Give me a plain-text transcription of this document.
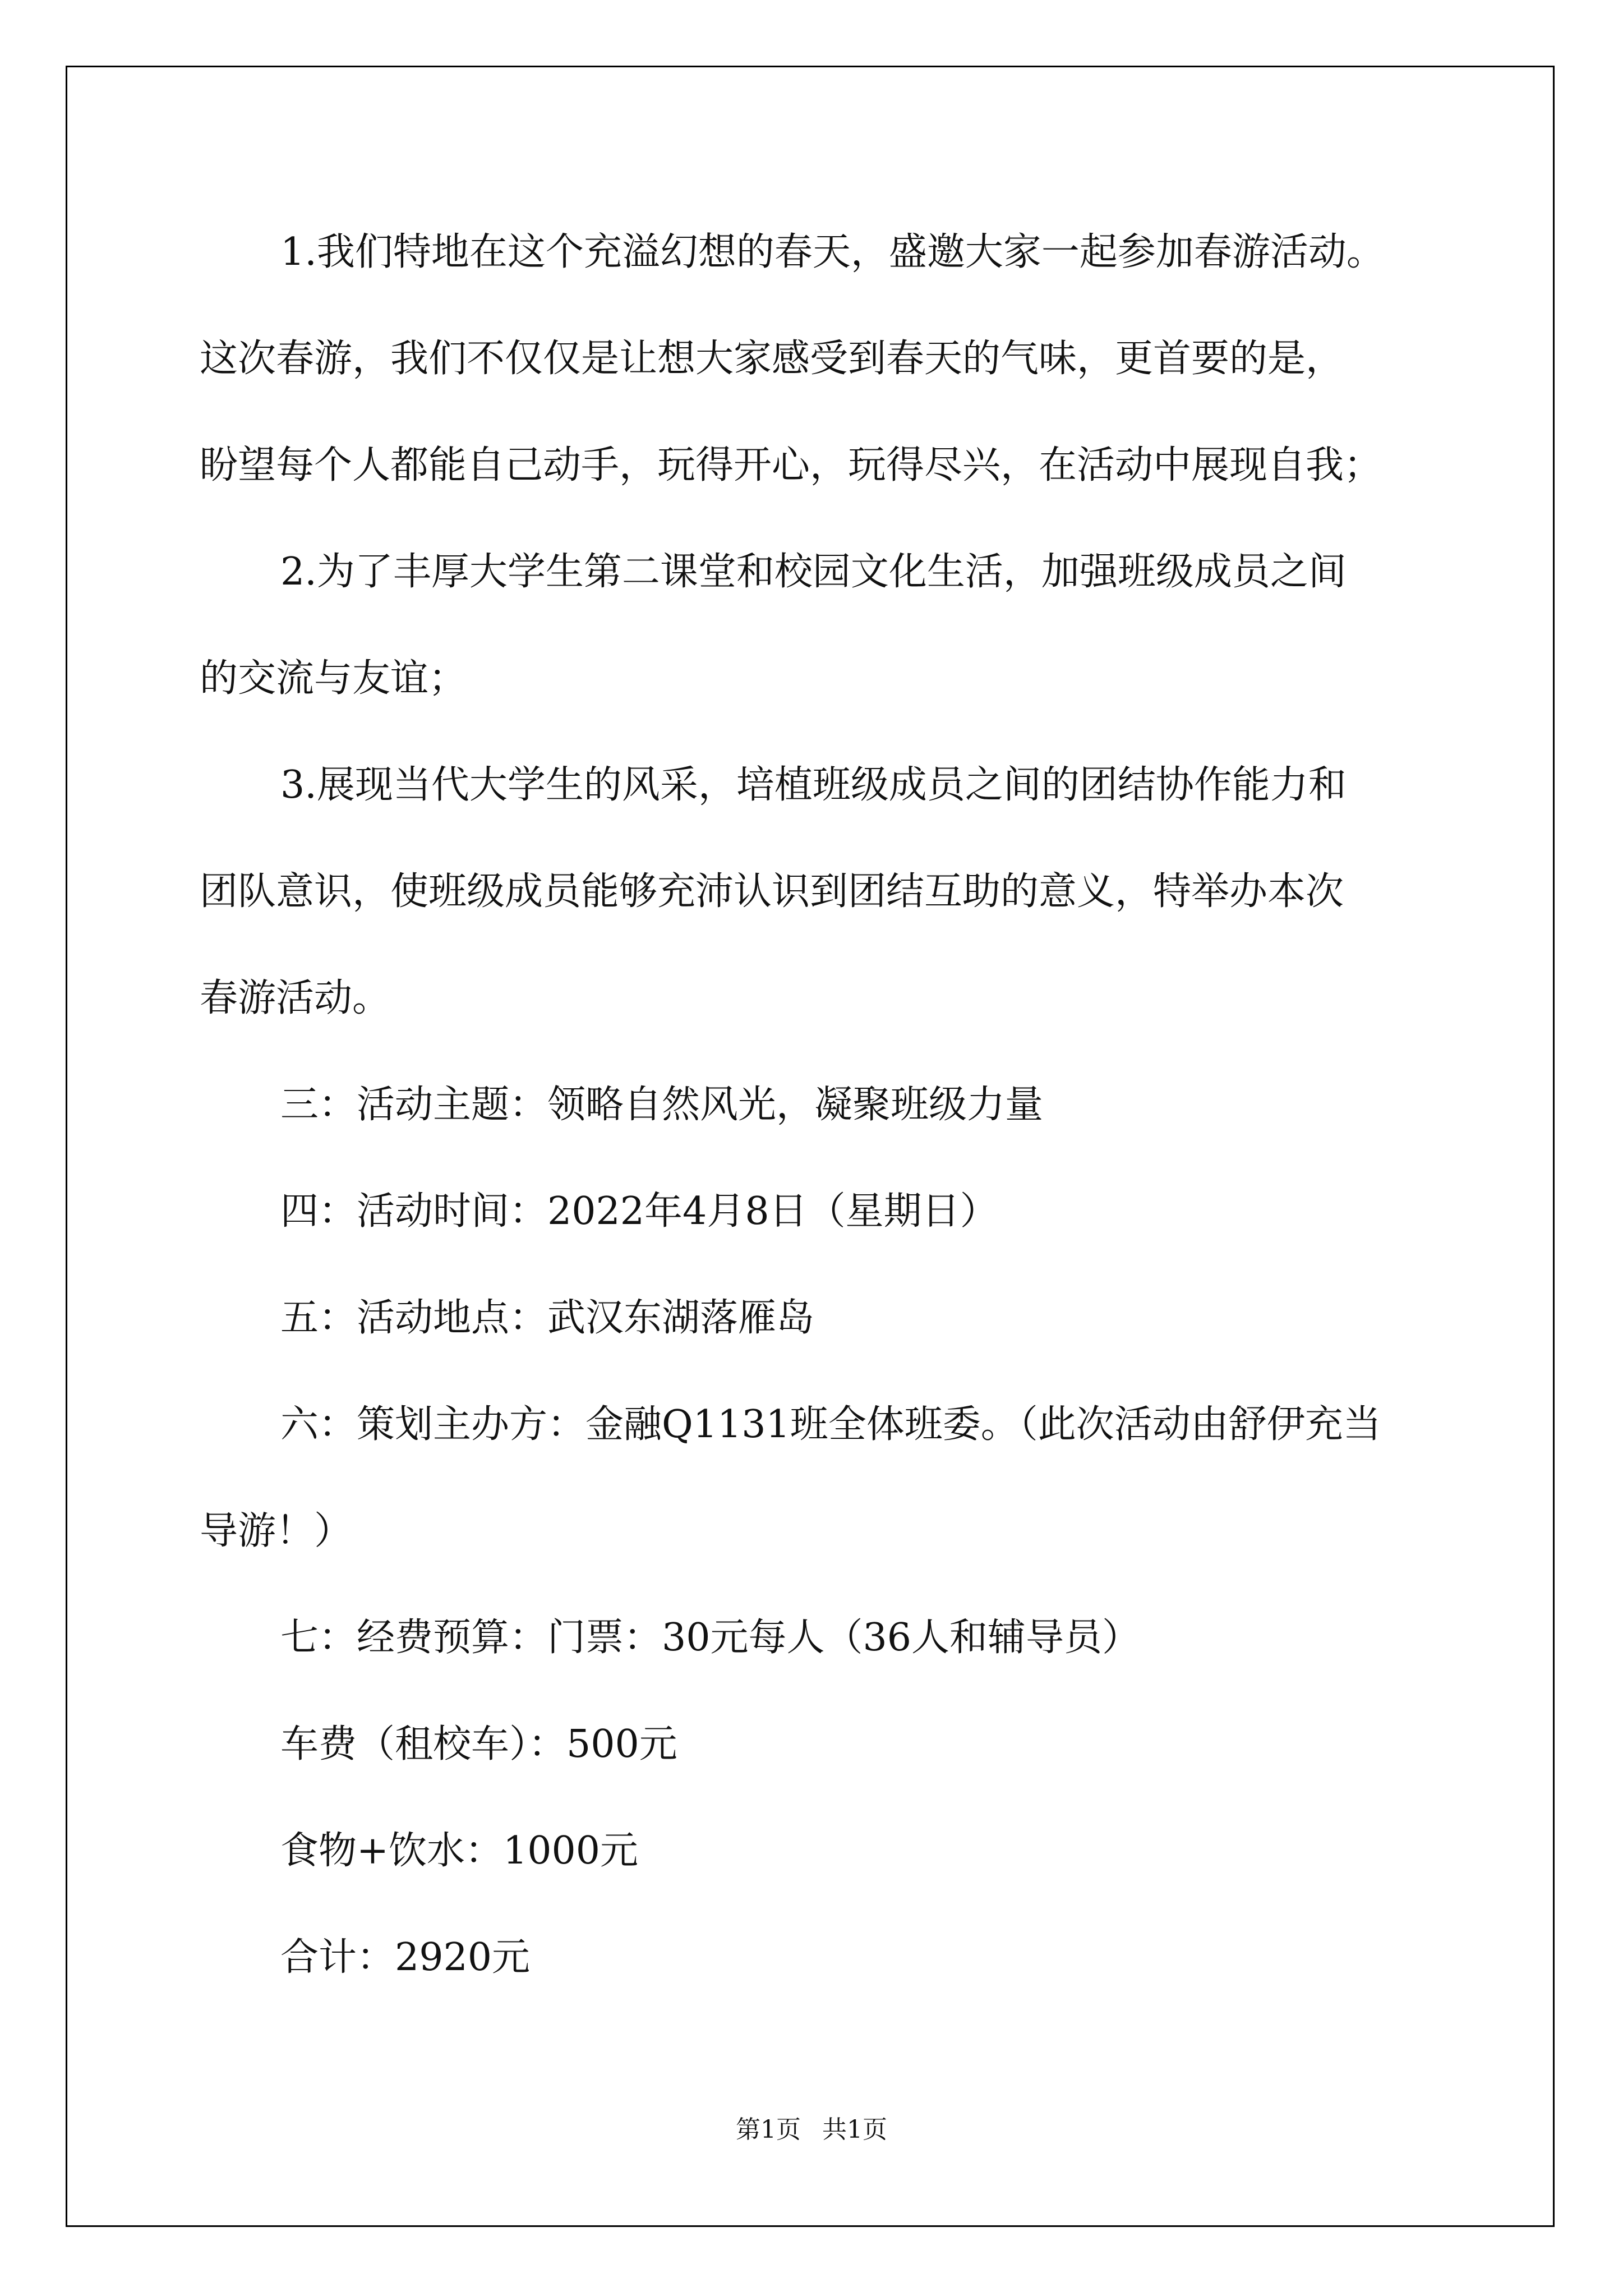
1.我们特地在这个充溢幻想的春天，盛邀大家一起参加春游活动。
这次春游，我们不仅仅是让想大家感受到春天的气味，更首要的是，
盼望每个人都能自己动手，玩得开心，玩得尽兴，在活动中展现自我；
2.为了丰厚大学生第二课堂和校园文化生活，加强班级成员之间
的交流与友谊；
3.展现当代大学生的风采，培植班级成员之间的团结协作能力和
团队意识，使班级成员能够充沛认识到团结互助的意义，特举办本次
春游活动。
三：活动主题：领略自然风光，凝聚班级力量
四：活动时间：2022年4月8日（星期日）
五：活动地点：武汉东湖落雁岛
六：策划主办方：金融Q1131班全体班委。（此次活动由舒伊充当
导游！）
七：经费预算：门票：30元每人（36人和辅导员）
车费（租校车）：500元
食物+饮水：1000元
合计：2920元
第1页 共1页
